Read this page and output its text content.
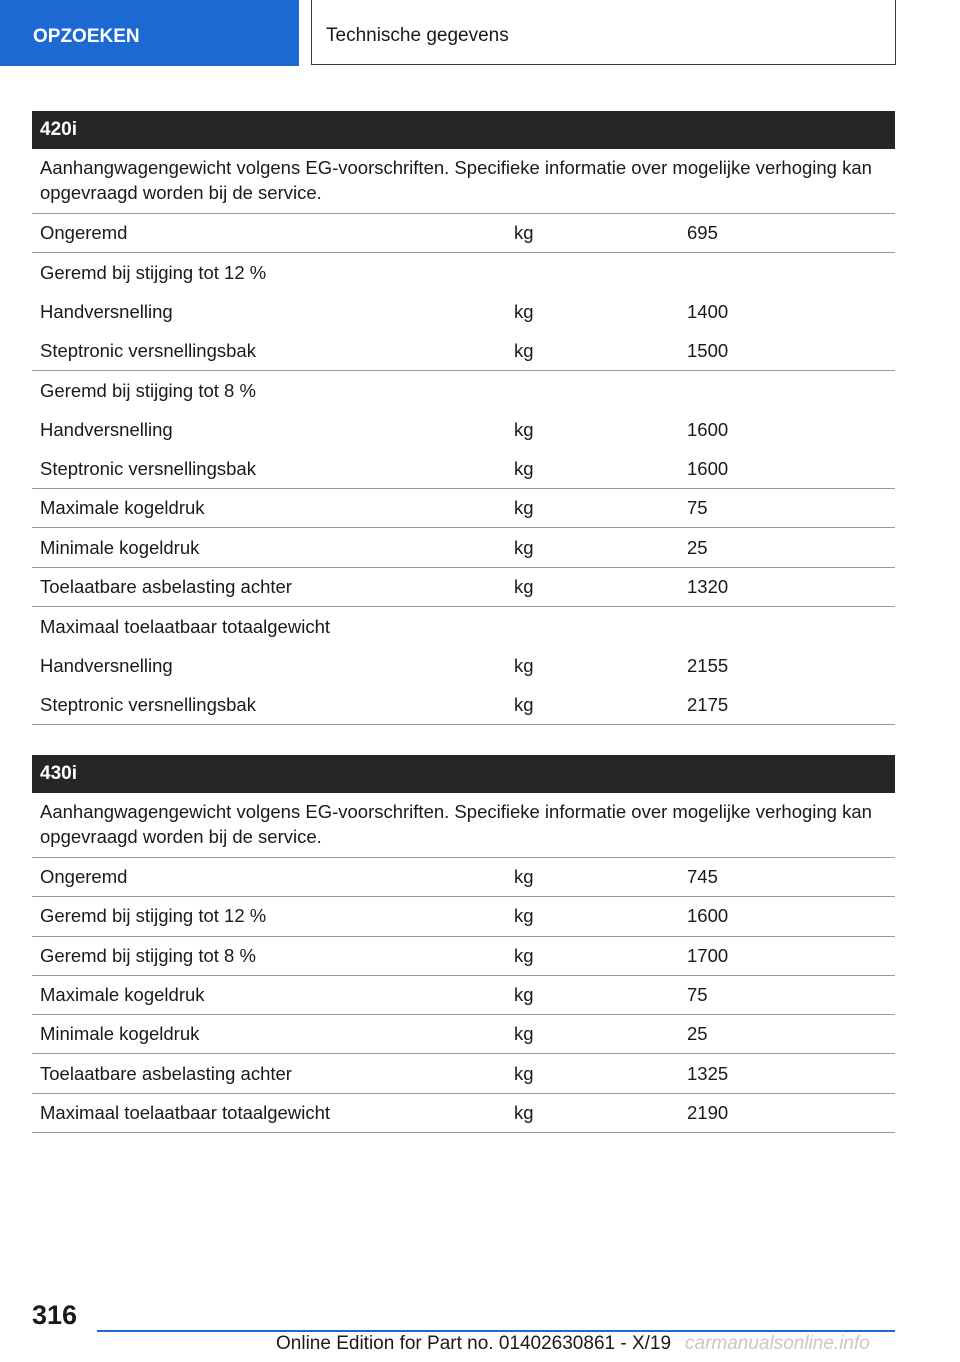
OPZOEKEN	Technische gegevens
420i
Aanhangwagengewicht volgens EG-voorschriften. Specifieke informatie over mogelijke verhoging kan opgevraagd worden bij de service.
Ongeremd	kg	695
Geremd bij stijging tot 12 %
Handversnelling	kg	1400
Steptronic versnellingsbak	kg	1500
Geremd bij stijging tot 8 %
Handversnelling	kg	1600
Steptronic versnellingsbak	kg	1600
Maximale kogeldruk	kg	75
Minimale kogeldruk	kg	25
Toelaatbare asbelasting achter	kg	1320
Maximaal toelaatbaar totaalgewicht
Handversnelling	kg	2155
Steptronic versnellingsbak	kg	2175
430i
Aanhangwagengewicht volgens EG-voorschriften. Specifieke informatie over mogelijke verhoging kan opgevraagd worden bij de service.
Ongeremd	kg	745
Geremd bij stijging tot 12 %	kg	1600
Geremd bij stijging tot 8 %	kg	1700
Maximale kogeldruk	kg	75
Minimale kogeldruk	kg	25
Toelaatbare asbelasting achter	kg	1325
Maximaal toelaatbaar totaalgewicht	kg	2190
316
Online Edition for Part no. 01402630861 - X/19 carmanualsonline.info
